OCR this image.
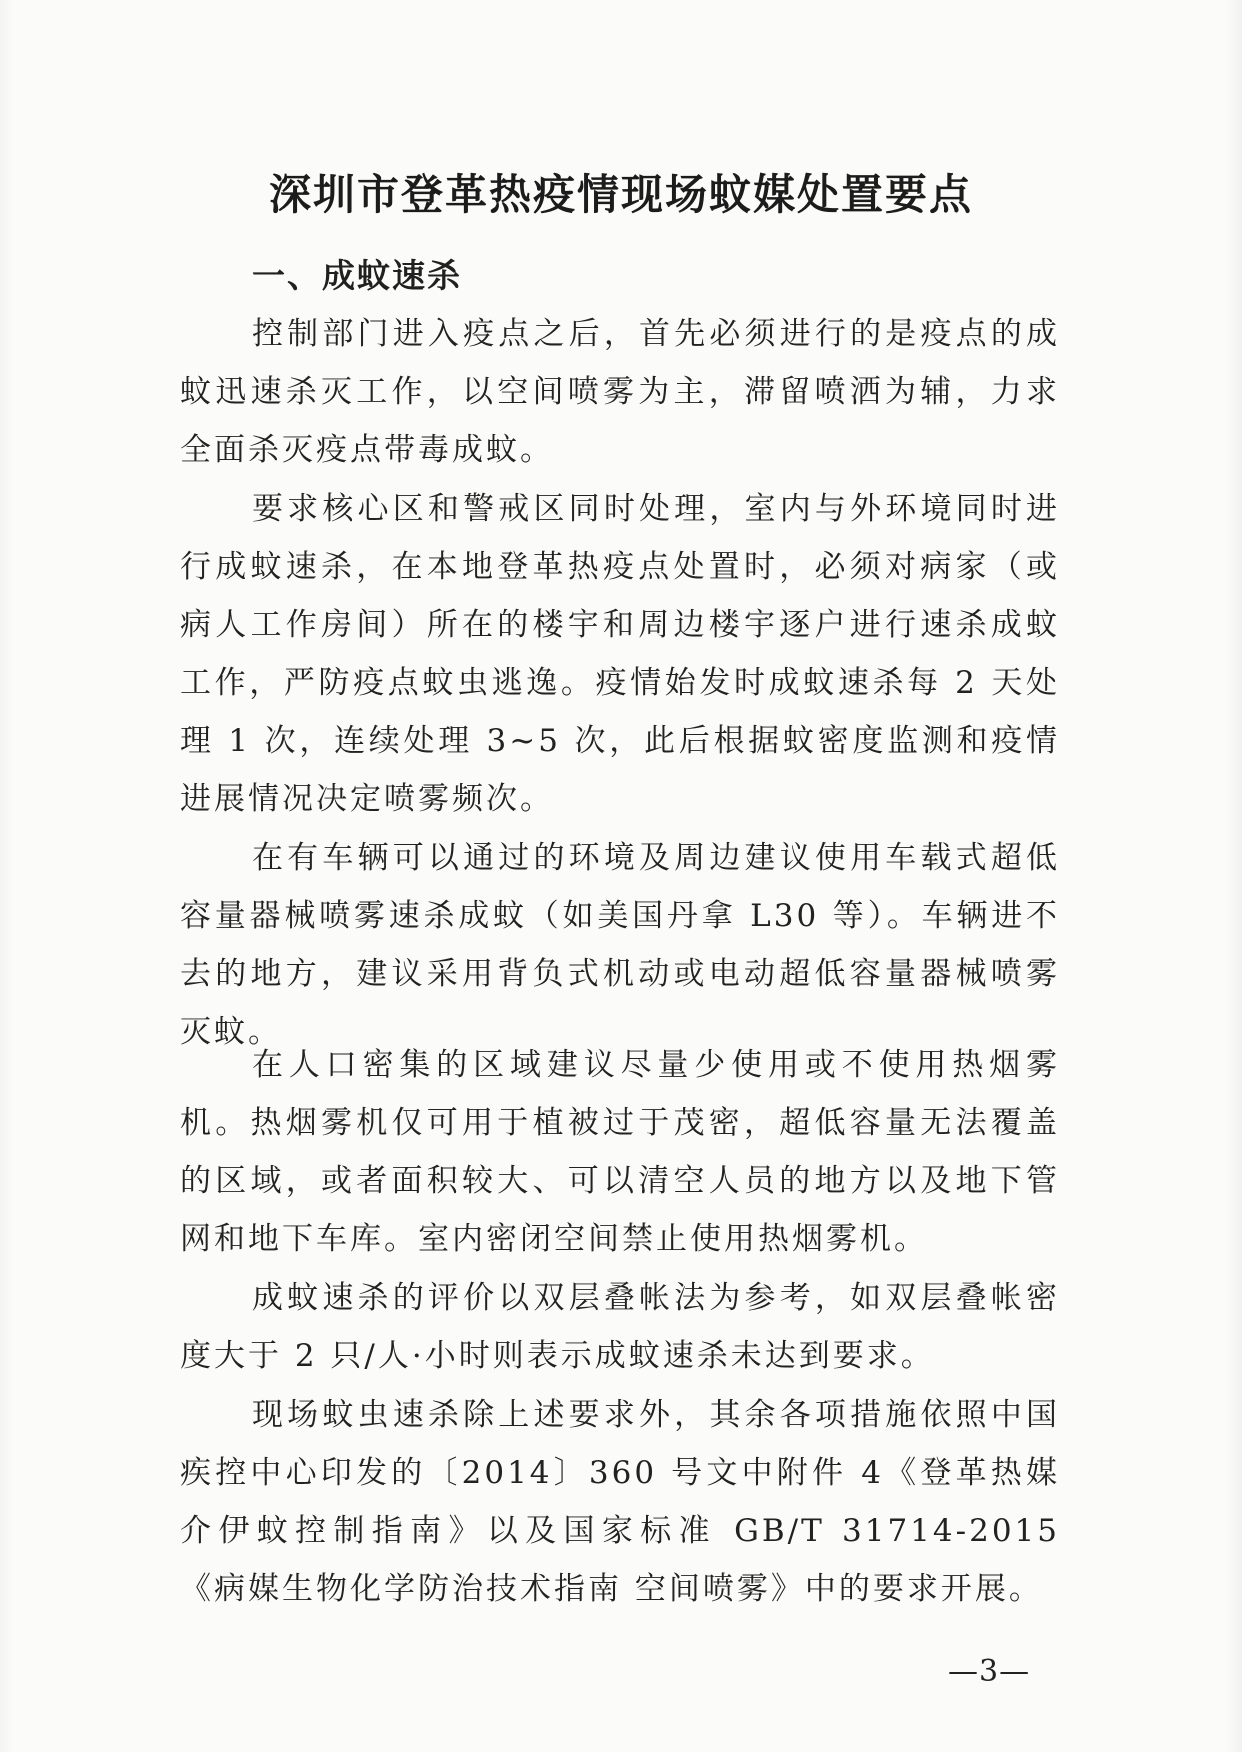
深圳市登革热疫情现场蚊媒处置要点
一、成蚊速杀

控制部门进入疫点之后，首先必须进行的是疫点的成蚊迅速杀灭工作，以空间喷雾为主，滞留喷洒为辅，力求全面杀灭疫点带毒成蚊。

要求核心区和警戒区同时处理，室内与外环境同时进行成蚊速杀，在本地登革热疫点处置时，必须对病家（或病人工作房间）所在的楼宇和周边楼宇逐户进行速杀成蚊工作，严防疫点蚊虫逃逸。疫情始发时成蚊速杀每 2 天处理 1 次，连续处理 3~5 次，此后根据蚊密度监测和疫情进展情况决定喷雾频次。

在有车辆可以通过的环境及周边建议使用车载式超低容量器械喷雾速杀成蚊（如美国丹拿 L30 等）。车辆进不去的地方，建议采用背负式机动或电动超低容量器械喷雾灭蚊。

在人口密集的区域建议尽量少使用或不使用热烟雾机。热烟雾机仅可用于植被过于茂密，超低容量无法覆盖的区域，或者面积较大、可以清空人员的地方以及地下管网和地下车库。室内密闭空间禁止使用热烟雾机。

成蚊速杀的评价以双层叠帐法为参考，如双层叠帐密度大于 2 只/人·小时则表示成蚊速杀未达到要求。

现场蚊虫速杀除上述要求外，其余各项措施依照中国疾控中心印发的〔2014〕360 号文中附件 4《登革热媒介伊蚊控制指南》以及国家标准 GB/T 31714-2015 《病媒生物化学防治技术指南 空间喷雾》中的要求开展。

—3—
